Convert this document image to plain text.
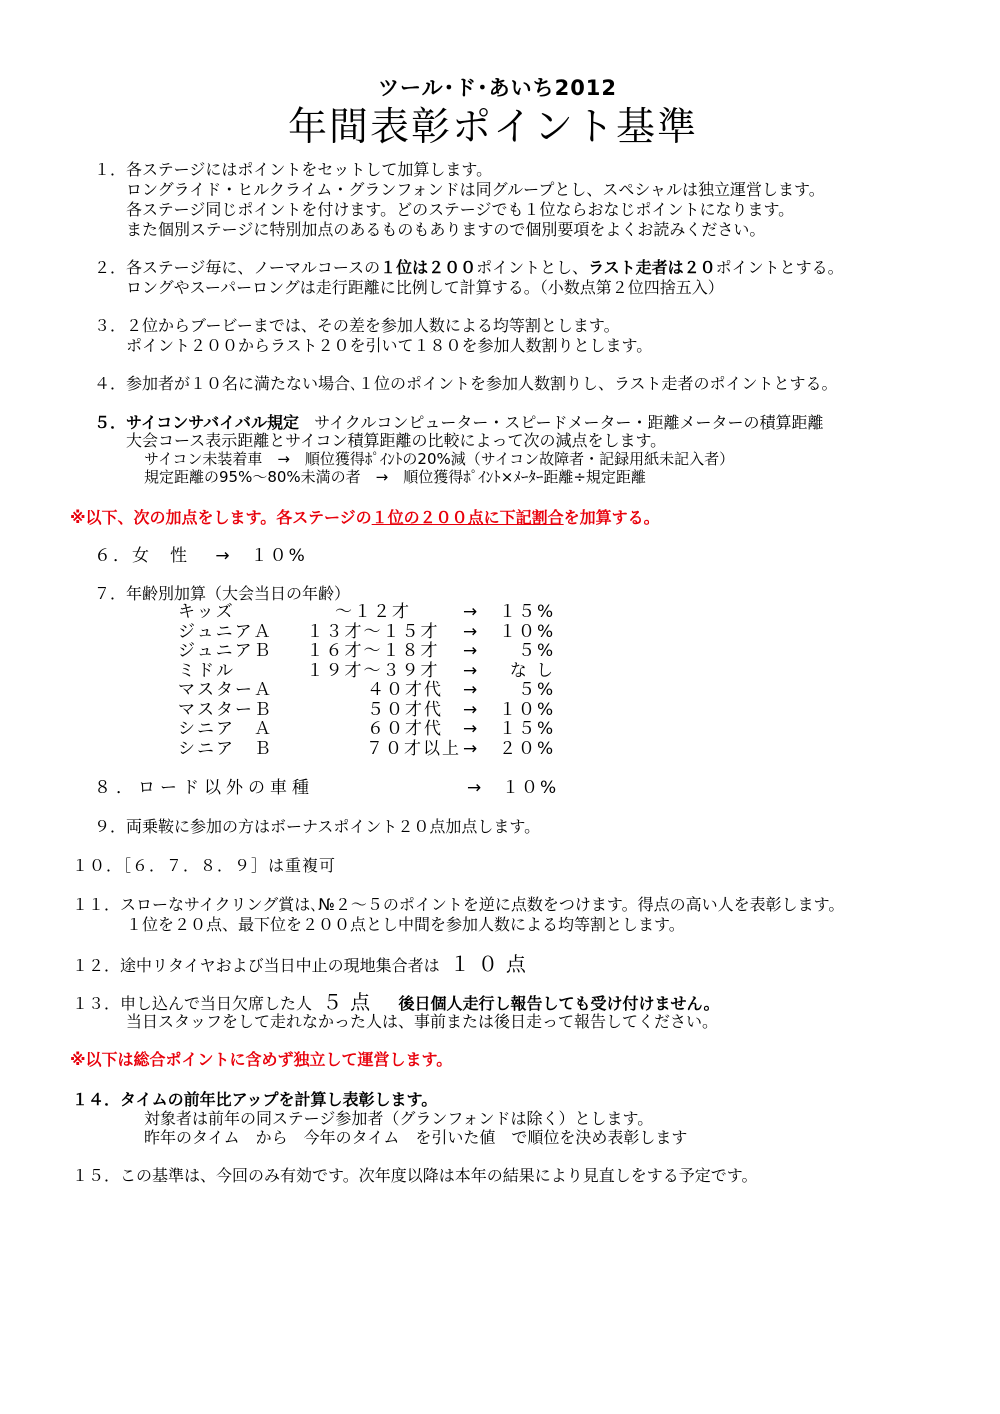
ツール･ド･あいち2012
年間表彰ポイント基準
１．各ステージにはポイントをセットして加算します。
ロングライド・ヒルクライム・グランフォンドは同グループとし、スペシャルは独立運営します。
各ステージ同じポイントを付けます。どのステージでも１位ならおなじポイントになります。
また個別ステージに特別加点のあるものもありますので個別要項をよくお読みください。
２．各ステージ毎に、ノーマルコースの１位は２００ポイントとし、ラスト走者は２０ポイントとする。
ロングやスーパーロングは走行距離に比例して計算する。（小数点第２位四捨五入）
３．２位からブービーまでは、その差を参加人数による均等割とします。
ポイント２００からラスト２０を引いて１８０を参加人数割りとします。
４．参加者が１０名に満たない場合､１位のポイントを参加人数割りし、ラスト走者のポイントとする。
５．サイコンサバイバル規定 サイクルコンピューター・スピードメーター・距離メーターの積算距離
大会コース表示距離とサイコン積算距離の比較によって次の減点をします。
サイコン未装着車　→　順位獲得ﾎﾟｲﾝﾄの20%減（サイコン故障者・記録用紙未記入者）
規定距離の95%～80%未満の者　→　順位獲得ﾎﾟｲﾝﾄ×ﾒｰﾀｰ距離÷規定距離
※以下、次の加点をします。各ステージの１位の２００点に下記割合を加算する。
６．女　性　 →　１０%
７．年齢別加算（大会当日の年齢）
キッズ	～１２才	→	１５%
ジュニアＡ	１３才～１５才	→	１０%
ジュニアＢ	１６才～１８才	→	５%
ミドル	１９才～３９才	→	な し
マスターＡ	４０才代	→	５%
マスターＢ	５０才代	→	１０%
シニア　Ａ	６０才代	→	１５%
シニア　Ｂ	７０才以上	→	２０%
８．ロード以外の車種	→ １０%
９．両乗鞍に参加の方はボーナスポイント２０点加点します。
１０．［６．７．８．９］は重複可
１１．スローなサイクリング賞は､№２～５のポイントを逆に点数をつけます。得点の高い人を表彰します。
１位を２０点、最下位を２００点とし中間を参加人数による均等割とします。
１２．途中リタイヤおよび当日中止の現地集合者は １０点
１３．申し込んで当日欠席した人 ５点 後日個人走行し報告しても受け付けません。
当日スタッフをして走れなかった人は、事前または後日走って報告してください。
※以下は総合ポイントに含めず独立して運営します。
１４．タイムの前年比アップを計算し表彰します。
対象者は前年の同ステージ参加者（グランフォンドは除く）とします。
昨年のタイム　から　今年のタイム　を引いた値　で順位を決め表彰します
１５．この基準は、今回のみ有効です。次年度以降は本年の結果により見直しをする予定です。
